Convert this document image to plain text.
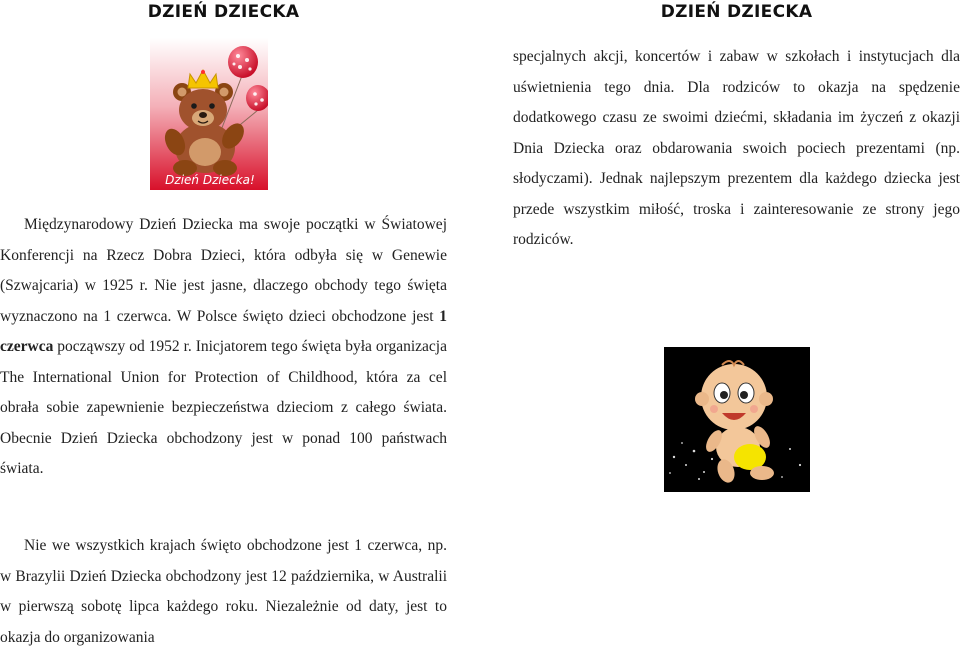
DZIEŃ DZIECKA
Dzień Dziecka!

Międzynarodowy Dzień Dziecka ma swoje początki w Światowej Konferencji na Rzecz Dobra Dzieci, która odbyła się w Genewie (Szwajcaria) w 1925 r. Nie jest jasne, dlaczego obchody tego święta wyznaczono na 1 czerwca. W Polsce święto dzieci obchodzone jest 1 czerwca począwszy od 1952 r. Inicjatorem tego święta była organizacja The International Union for Protection of Childhood, która za cel obrała sobie zapewnienie bezpieczeństwa dzieciom z całego świata. Obecnie Dzień Dziecka obchodzony jest w ponad 100 państwach świata.

Nie we wszystkich krajach święto obchodzone jest 1 czerwca, np. w Brazylii Dzień Dziecka obchodzony jest 12 października, w Australii w pierwszą sobotę lipca każdego roku. Niezależnie od daty, jest to okazja do organizowania

DZIEŃ DZIECKA

specjalnych akcji, koncertów i zabaw w szkołach i instytucjach dla uświetnienia tego dnia. Dla rodziców to okazja na spędzenie dodatkowego czasu ze swoimi dziećmi, składania im życzeń z okazji Dnia Dziecka oraz obdarowania swoich pociech prezentami (np. słodyczami). Jednak najlepszym prezentem dla każdego dziecka jest przede wszystkim miłość, troska i zainteresowanie ze strony jego rodziców.
